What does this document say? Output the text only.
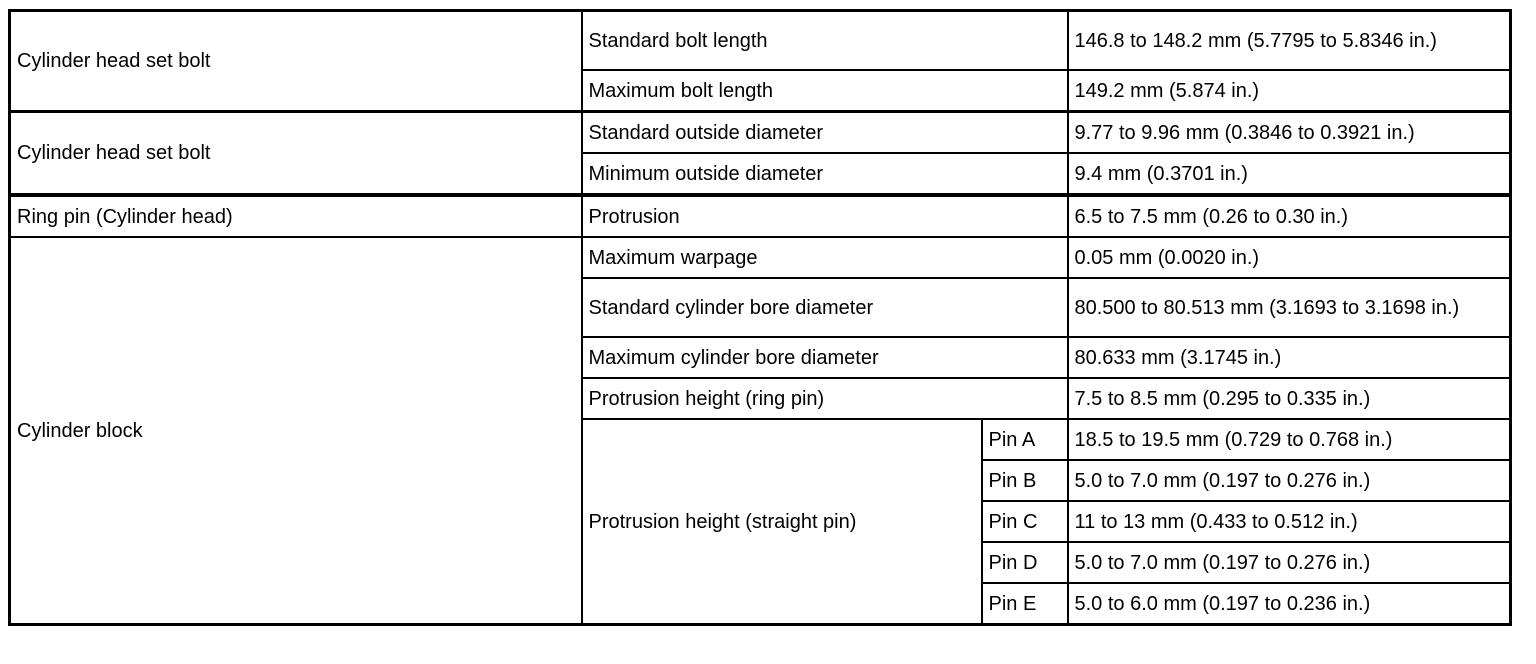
Cylinder head set bolt	Standard bolt length		146.8 to 148.2 mm (5.7795 to 5.8346 in.)
	Maximum bolt length		149.2 mm (5.874 in.)
Cylinder head set bolt	Standard outside diameter		9.77 to 9.96 mm (0.3846 to 0.3921 in.)
	Minimum outside diameter		9.4 mm (0.3701 in.)
Ring pin (Cylinder head)	Protrusion		6.5 to 7.5 mm (0.26 to 0.30 in.)
Cylinder block	Maximum warpage		0.05 mm (0.0020 in.)
	Standard cylinder bore diameter		80.500 to 80.513 mm (3.1693 to 3.1698 in.)
	Maximum cylinder bore diameter		80.633 mm (3.1745 in.)
	Protrusion height (ring pin)		7.5 to 8.5 mm (0.295 to 0.335 in.)
	Protrusion height (straight pin)	Pin A	18.5 to 19.5 mm (0.729 to 0.768 in.)
		Pin B	5.0 to 7.0 mm (0.197 to 0.276 in.)
		Pin C	11 to 13 mm (0.433 to 0.512 in.)
		Pin D	5.0 to 7.0 mm (0.197 to 0.276 in.)
		Pin E	5.0 to 6.0 mm (0.197 to 0.236 in.)
